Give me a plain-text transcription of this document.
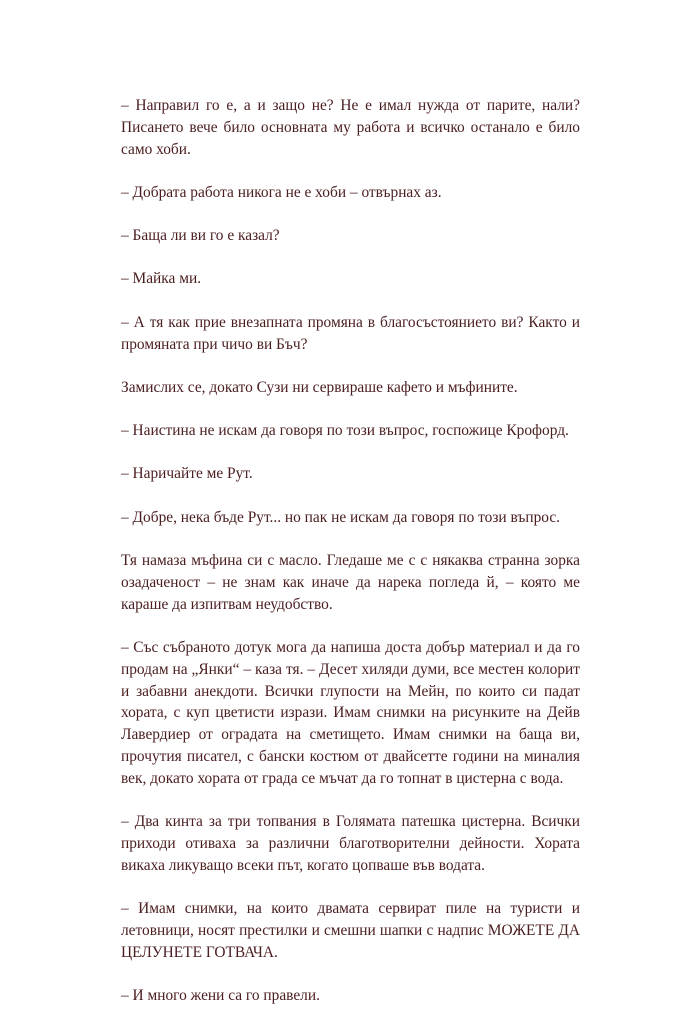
– Направил го е, а и защо не? Не е имал нужда от парите, нали? Писането вече било основната му работа и всичко останало е било само хоби.

– Добрата работа никога не е хоби – отвърнах аз.

– Баща ли ви го е казал?

– Майка ми.

– А тя как прие внезапната промяна в благосъстоянието ви? Както и промяната при чичо ви Бъч?

Замислих се, докато Сузи ни сервираше кафето и мъфините.

– Наистина не искам да говоря по този въпрос, госпожице Крофорд.

– Наричайте ме Рут.

– Добре, нека бъде Рут... но пак не искам да говоря по този въпрос.

Тя намаза мъфина си с масло. Гледаше ме с с някаква странна зорка озадаченост – не знам как иначе да нарека погледа й, – която ме караше да изпитвам неудобство.

– Със събраното дотук мога да напиша доста добър материал и да го продам на „Янки“ – каза тя. – Десет хиляди думи, все местен колорит и забавни анекдоти. Всички глупости на Мейн, по които си падат хората, с куп цветисти изрази. Имам снимки на рисунките на Дейв Лавердиер от оградата на сметището. Имам снимки на баща ви, прочутия писател, с бански костюм от двайсетте години на миналия век, докато хората от града се мъчат да го топнат в цистерна с вода.

– Два кинта за три топвания в Голямата патешка цистерна. Всички приходи отиваха за различни благотворителни дейности. Хората викаха ликуващо всеки път, когато цопваше във водата.

– Имам снимки, на които двамата сервират пиле на туристи и летовници, носят престилки и смешни шапки с надпис МОЖЕТЕ ДА ЦЕЛУНЕТЕ ГОТВАЧА.

– И много жени са го правели.
